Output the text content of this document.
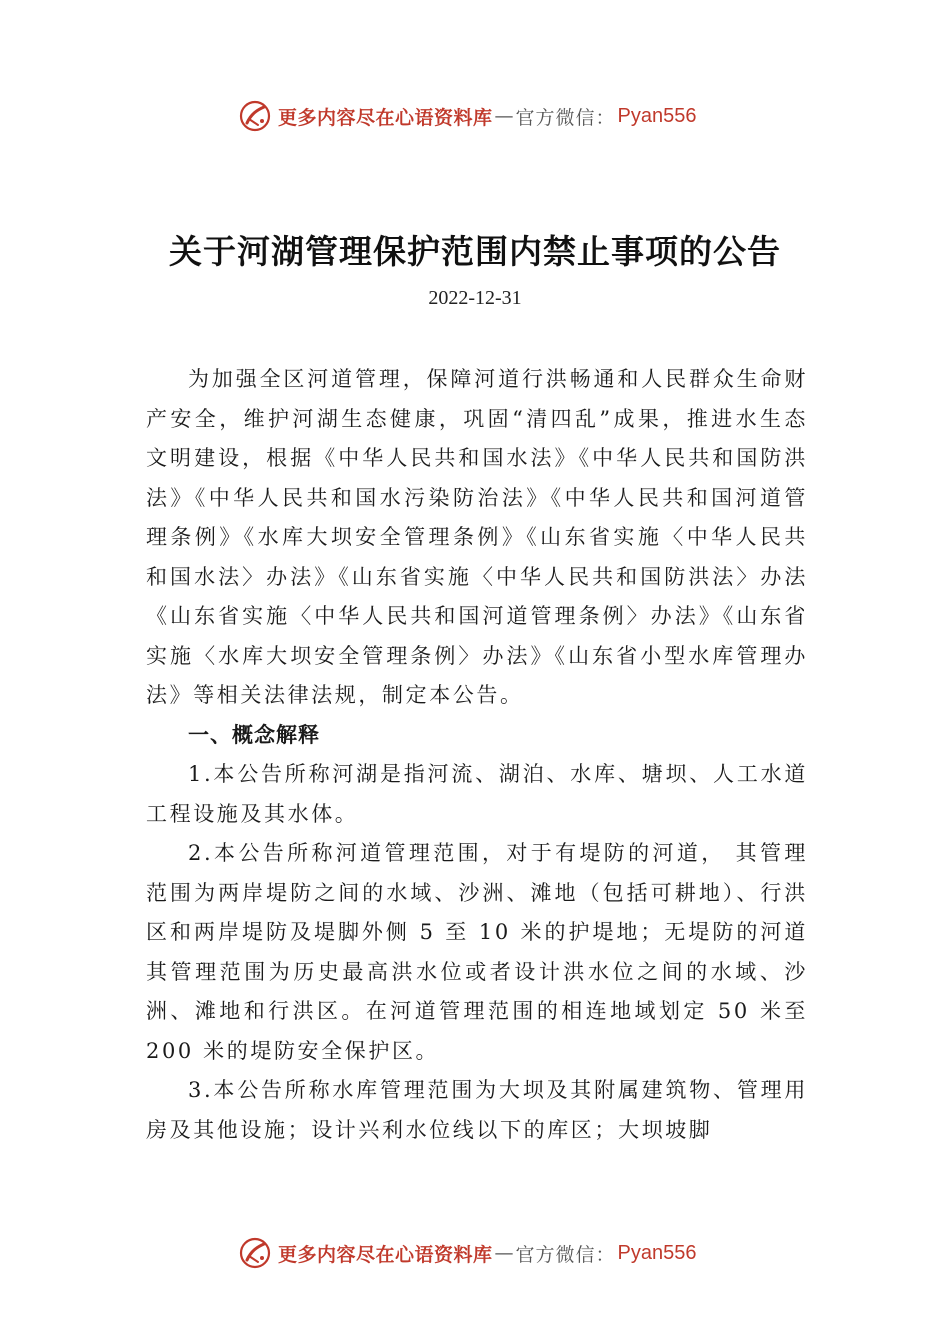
更多内容尽在心语资料库 — 官方微信： Pyan556
关于河湖管理保护范围内禁止事项的公告
2022-12-31

为加强全区河道管理，保障河道行洪畅通和人民群众生命财产安全，维护河湖生态健康，巩固“清四乱”成果，推进水生态文明建设，根据《中华人民共和国水法》《中华人民共和国防洪法》《中华人民共和国水污染防治法》《中华人民共和国河道管理条例》《水库大坝安全管理条例》《山东省实施〈中华人民共和国水法〉办法》《山东省实施〈中华人民共和国防洪法〉办法《山东省实施〈中华人民共和国河道管理条例〉办法》《山东省实施〈水库大坝安全管理条例〉办法》《山东省小型水库管理办法》等相关法律法规，制定本公告。

一、概念解释

1.本公告所称河湖是指河流、湖泊、水库、塘坝、人工水道工程设施及其水体。

2.本公告所称河道管理范围，对于有堤防的河道， 其管理范围为两岸堤防之间的水域、沙洲、滩地（包括可耕地）、行洪区和两岸堤防及堤脚外侧 5 至 10 米的护堤地；无堤防的河道其管理范围为历史最高洪水位或者设计洪水位之间的水域、沙洲、滩地和行洪区。在河道管理范围的相连地域划定 50 米至 200 米的堤防安全保护区。

3.本公告所称水库管理范围为大坝及其附属建筑物、管理用房及其他设施；设计兴利水位线以下的库区；大坝坡脚

更多内容尽在心语资料库 — 官方微信： Pyan556
